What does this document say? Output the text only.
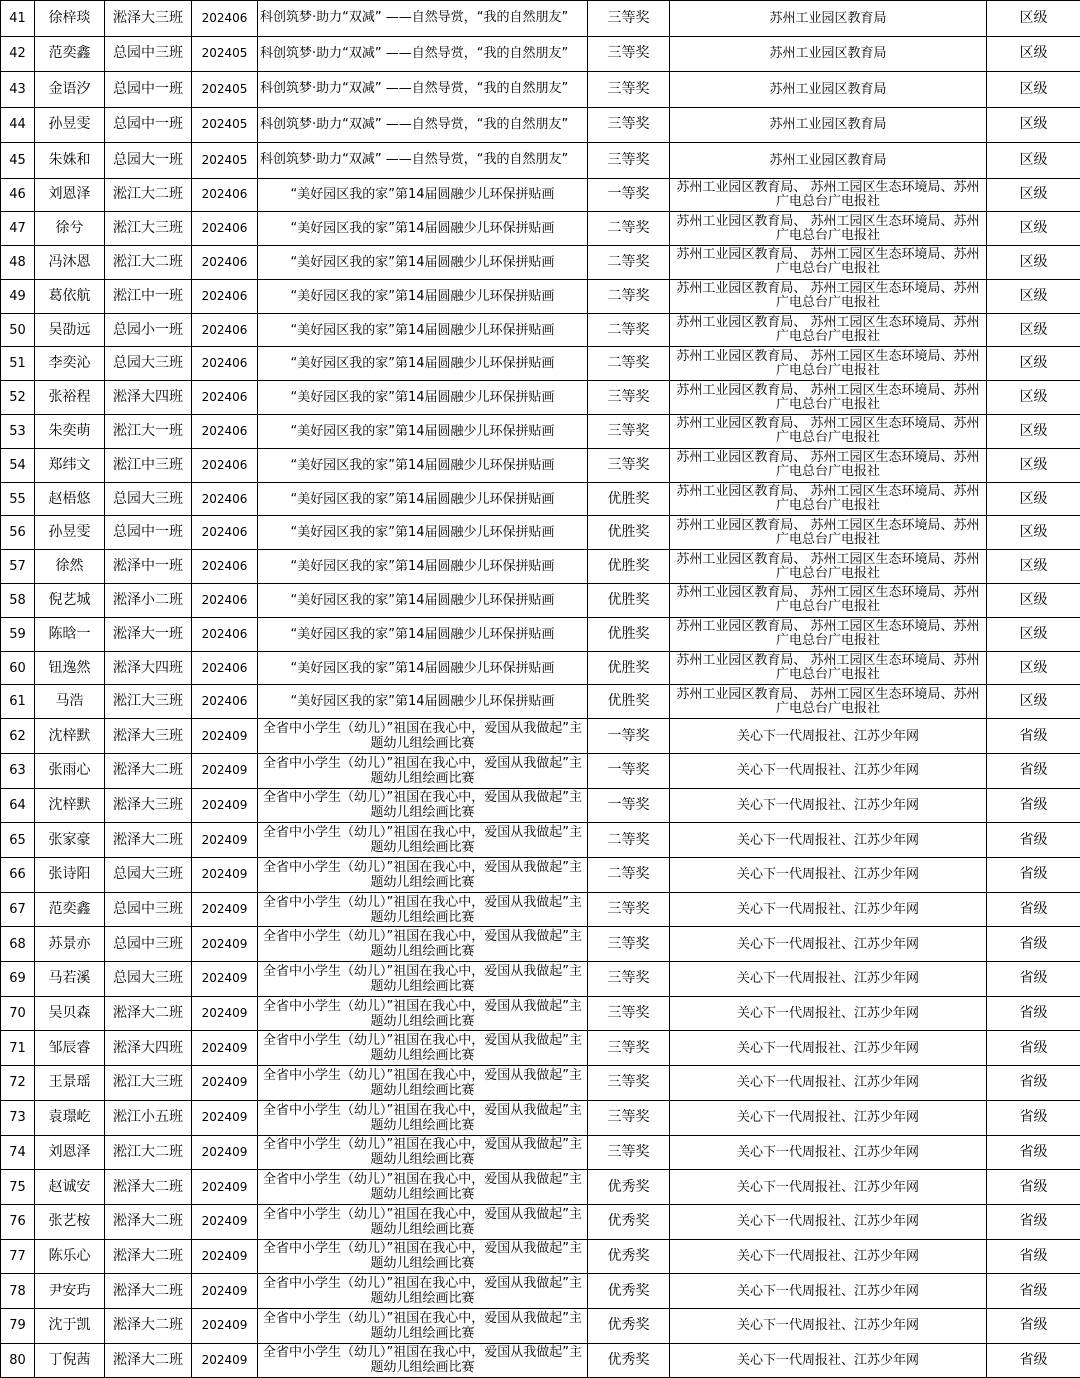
41	徐梓琰	淞泽大三班	202406	科创筑梦·助力“双减” ——自然导赏，“我的自然朋友”	三等奖	苏州工业园区教育局	区级
42	范奕鑫	总园中三班	202405	科创筑梦·助力“双减” ——自然导赏，“我的自然朋友”	三等奖	苏州工业园区教育局	区级
43	金语汐	总园中一班	202405	科创筑梦·助力“双减” ——自然导赏，“我的自然朋友”	三等奖	苏州工业园区教育局	区级
44	孙昱雯	总园中一班	202405	科创筑梦·助力“双减” ——自然导赏，“我的自然朋友”	三等奖	苏州工业园区教育局	区级
45	朱姝和	总园大一班	202405	科创筑梦·助力“双减” ——自然导赏，“我的自然朋友”	三等奖	苏州工业园区教育局	区级
46	刘恩泽	淞江大二班	202406	“美好园区我的家”第14届圆融少儿环保拼贴画	一等奖	苏州工业园区教育局、 苏州工园区生态环境局、苏州广电总台广电报社	区级
47	徐兮	淞江大三班	202406	“美好园区我的家”第14届圆融少儿环保拼贴画	二等奖	苏州工业园区教育局、 苏州工园区生态环境局、苏州广电总台广电报社	区级
48	冯沐恩	淞江大二班	202406	“美好园区我的家”第14届圆融少儿环保拼贴画	二等奖	苏州工业园区教育局、 苏州工园区生态环境局、苏州广电总台广电报社	区级
49	葛依航	淞江中一班	202406	“美好园区我的家”第14届圆融少儿环保拼贴画	二等奖	苏州工业园区教育局、 苏州工园区生态环境局、苏州广电总台广电报社	区级
50	吴劭远	总园小一班	202406	“美好园区我的家”第14届圆融少儿环保拼贴画	二等奖	苏州工业园区教育局、 苏州工园区生态环境局、苏州广电总台广电报社	区级
51	李奕沁	总园大三班	202406	“美好园区我的家”第14届圆融少儿环保拼贴画	二等奖	苏州工业园区教育局、 苏州工园区生态环境局、苏州广电总台广电报社	区级
52	张裕程	淞泽大四班	202406	“美好园区我的家”第14届圆融少儿环保拼贴画	三等奖	苏州工业园区教育局、 苏州工园区生态环境局、苏州广电总台广电报社	区级
53	朱奕萌	淞江大一班	202406	“美好园区我的家”第14届圆融少儿环保拼贴画	三等奖	苏州工业园区教育局、 苏州工园区生态环境局、苏州广电总台广电报社	区级
54	郑纬文	淞江中三班	202406	“美好园区我的家”第14届圆融少儿环保拼贴画	三等奖	苏州工业园区教育局、 苏州工园区生态环境局、苏州广电总台广电报社	区级
55	赵梧悠	总园大三班	202406	“美好园区我的家”第14届圆融少儿环保拼贴画	优胜奖	苏州工业园区教育局、 苏州工园区生态环境局、苏州广电总台广电报社	区级
56	孙昱雯	总园中一班	202406	“美好园区我的家”第14届圆融少儿环保拼贴画	优胜奖	苏州工业园区教育局、 苏州工园区生态环境局、苏州广电总台广电报社	区级
57	徐然	淞泽中一班	202406	“美好园区我的家”第14届圆融少儿环保拼贴画	优胜奖	苏州工业园区教育局、 苏州工园区生态环境局、苏州广电总台广电报社	区级
58	倪艺城	淞泽小二班	202406	“美好园区我的家”第14届圆融少儿环保拼贴画	优胜奖	苏州工业园区教育局、 苏州工园区生态环境局、苏州广电总台广电报社	区级
59	陈晗一	淞泽大一班	202406	“美好园区我的家”第14届圆融少儿环保拼贴画	优胜奖	苏州工业园区教育局、 苏州工园区生态环境局、苏州广电总台广电报社	区级
60	钮逸然	淞泽大四班	202406	“美好园区我的家”第14届圆融少儿环保拼贴画	优胜奖	苏州工业园区教育局、 苏州工园区生态环境局、苏州广电总台广电报社	区级
61	马浩	淞江大三班	202406	“美好园区我的家”第14届圆融少儿环保拼贴画	优胜奖	苏州工业园区教育局、 苏州工园区生态环境局、苏州广电总台广电报社	区级
62	沈梓默	淞泽大三班	202409	全省中小学生（幼儿）”祖国在我心中，爱国从我做起”主题幼儿组绘画比赛	一等奖	关心下一代周报社、江苏少年网	省级
63	张雨心	淞泽大二班	202409	全省中小学生（幼儿）”祖国在我心中，爱国从我做起”主题幼儿组绘画比赛	一等奖	关心下一代周报社、江苏少年网	省级
64	沈梓默	淞泽大三班	202409	全省中小学生（幼儿）”祖国在我心中，爱国从我做起”主题幼儿组绘画比赛	一等奖	关心下一代周报社、江苏少年网	省级
65	张家豪	淞泽大二班	202409	全省中小学生（幼儿）”祖国在我心中，爱国从我做起”主题幼儿组绘画比赛	二等奖	关心下一代周报社、江苏少年网	省级
66	张诗阳	总园大三班	202409	全省中小学生（幼儿）”祖国在我心中，爱国从我做起”主题幼儿组绘画比赛	二等奖	关心下一代周报社、江苏少年网	省级
67	范奕鑫	总园中三班	202409	全省中小学生（幼儿）”祖国在我心中，爱国从我做起”主题幼儿组绘画比赛	三等奖	关心下一代周报社、江苏少年网	省级
68	苏景亦	总园中三班	202409	全省中小学生（幼儿）”祖国在我心中，爱国从我做起”主题幼儿组绘画比赛	三等奖	关心下一代周报社、江苏少年网	省级
69	马若溪	总园大三班	202409	全省中小学生（幼儿）”祖国在我心中，爱国从我做起”主题幼儿组绘画比赛	三等奖	关心下一代周报社、江苏少年网	省级
70	吴贝森	淞泽大二班	202409	全省中小学生（幼儿）”祖国在我心中，爱国从我做起”主题幼儿组绘画比赛	三等奖	关心下一代周报社、江苏少年网	省级
71	邹辰睿	淞泽大四班	202409	全省中小学生（幼儿）”祖国在我心中，爱国从我做起”主题幼儿组绘画比赛	三等奖	关心下一代周报社、江苏少年网	省级
72	王景瑶	淞江大三班	202409	全省中小学生（幼儿）”祖国在我心中，爱国从我做起”主题幼儿组绘画比赛	三等奖	关心下一代周报社、江苏少年网	省级
73	袁璟屹	淞江小五班	202409	全省中小学生（幼儿）”祖国在我心中，爱国从我做起”主题幼儿组绘画比赛	三等奖	关心下一代周报社、江苏少年网	省级
74	刘恩泽	淞江大二班	202409	全省中小学生（幼儿）”祖国在我心中，爱国从我做起”主题幼儿组绘画比赛	三等奖	关心下一代周报社、江苏少年网	省级
75	赵诚安	淞泽大二班	202409	全省中小学生（幼儿）”祖国在我心中，爱国从我做起”主题幼儿组绘画比赛	优秀奖	关心下一代周报社、江苏少年网	省级
76	张艺桉	淞泽大二班	202409	全省中小学生（幼儿）”祖国在我心中，爱国从我做起”主题幼儿组绘画比赛	优秀奖	关心下一代周报社、江苏少年网	省级
77	陈乐心	淞泽大二班	202409	全省中小学生（幼儿）”祖国在我心中，爱国从我做起”主题幼儿组绘画比赛	优秀奖	关心下一代周报社、江苏少年网	省级
78	尹安玙	淞泽大二班	202409	全省中小学生（幼儿）”祖国在我心中，爱国从我做起”主题幼儿组绘画比赛	优秀奖	关心下一代周报社、江苏少年网	省级
79	沈于凯	淞泽大二班	202409	全省中小学生（幼儿）”祖国在我心中，爱国从我做起”主题幼儿组绘画比赛	优秀奖	关心下一代周报社、江苏少年网	省级
80	丁倪茜	淞泽大二班	202409	全省中小学生（幼儿）”祖国在我心中，爱国从我做起”主题幼儿组绘画比赛	优秀奖	关心下一代周报社、江苏少年网	省级
